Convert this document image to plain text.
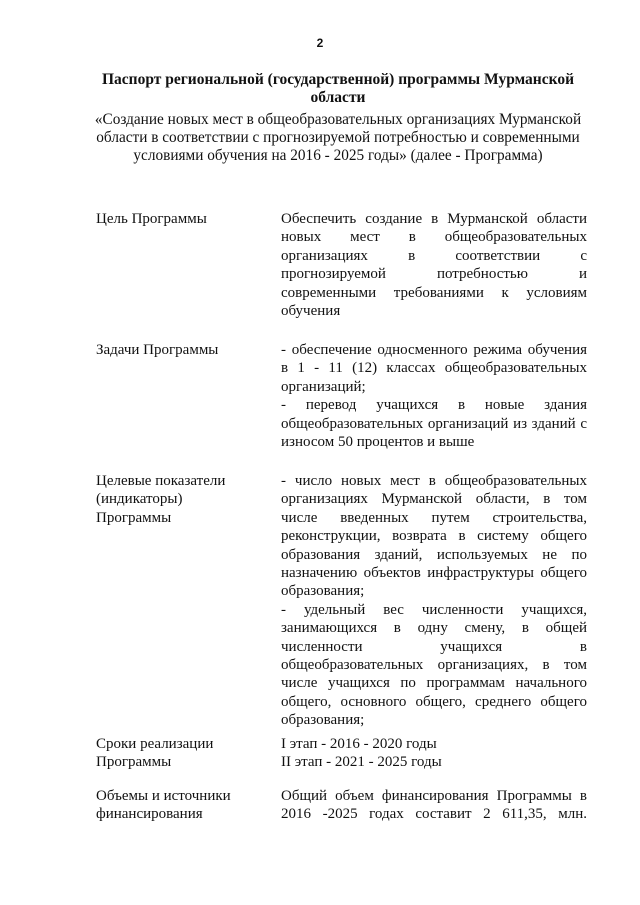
2
Паспорт региональной (государственной) программы Мурманской
области
«Создание новых мест в общеобразовательных организациях Мурманской
области в соответствии с прогнозируемой потребностью и современными
условиями обучения на 2016 - 2025 годы» (далее - Программа)
Цель Программы	Обеспечить создание в Мурманской области
новых мест в общеобразовательных
организациях в соответствии с
прогнозируемой потребностью и
современными требованиями к условиям
обучения
Задачи Программы	- обеспечение односменного режима обучения
в 1 - 11 (12) классах общеобразовательных
организаций;
- перевод учащихся в новые здания
общеобразовательных организаций из зданий с
износом 50 процентов и выше
Целевые показатели
(индикаторы)
Программы
- число новых мест в общеобразовательных
организациях Мурманской области, в том
числе введенных путем строительства,
реконструкции, возврата в систему общего
образования зданий, используемых не по
назначению объектов инфраструктуры общего
образования;
- удельный вес численности учащихся,
занимающихся в одну смену, в общей
численности учащихся в
общеобразовательных организациях, в том
числе учащихся по программам начального
общего, основного общего, среднего общего
образования;
Сроки реализации
Программы
I этап - 2016 - 2020 годы
II этап - 2021 - 2025 годы
Объемы и источники
финансирования
Общий объем финансирования Программы в
2016 -2025 годах составит 2 611,35, млн.
